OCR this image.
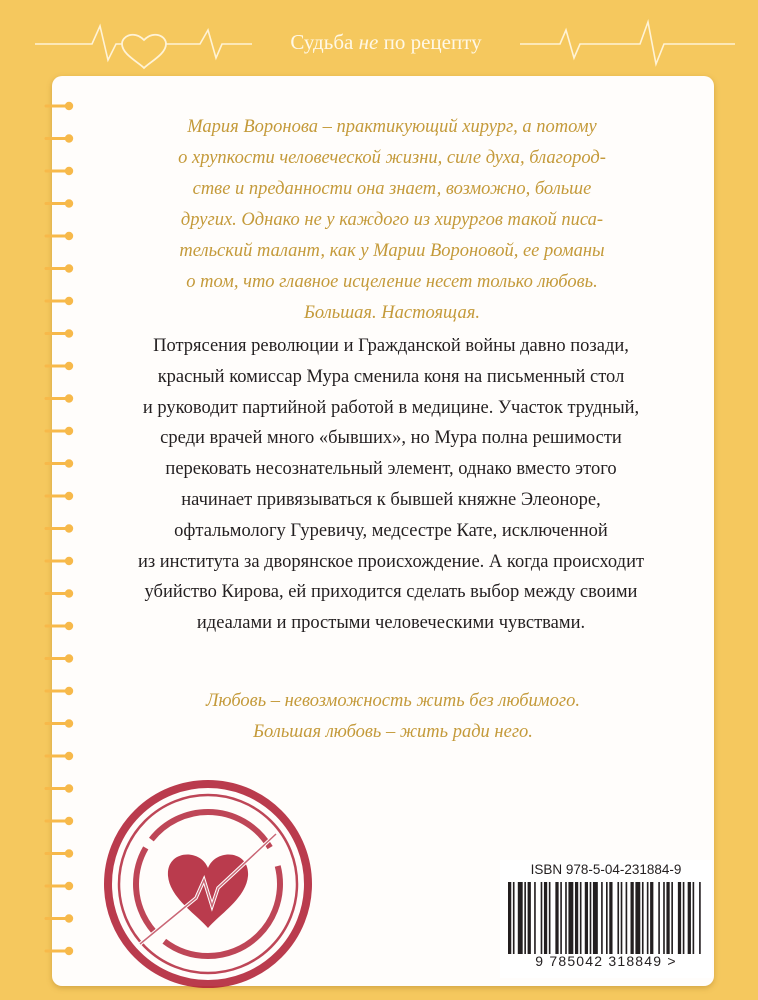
Судьба не по рецепту

Мария Воронова – практикующий хирург, а потому
о хрупкости человеческой жизни, силе духа, благород-
стве и преданности она знает, возможно, больше
других. Однако не у каждого из хирургов такой писа-
тельский талант, как у Марии Вороновой, ее романы
о том, что главное исцеление несет только любовь.
Большая. Настоящая.

Потрясения революции и Гражданской войны давно позади,
красный комиссар Мура сменила коня на письменный стол
и руководит партийной работой в медицине. Участок трудный,
среди врачей много «бывших», но Мура полна решимости
перековать несознательный элемент, однако вместо этого
начинает привязываться к бывшей княжне Элеоноре,
офтальмологу Гуревичу, медсестре Кате, исключенной
из института за дворянское происхождение. А когда происходит
убийство Кирова, ей приходится сделать выбор между своими
идеалами и простыми человеческими чувствами.

Любовь – невозможность жить без любимого.
Большая любовь – жить ради него.

ISBN 978-5-04-231884-9
9 785042 318849 >
